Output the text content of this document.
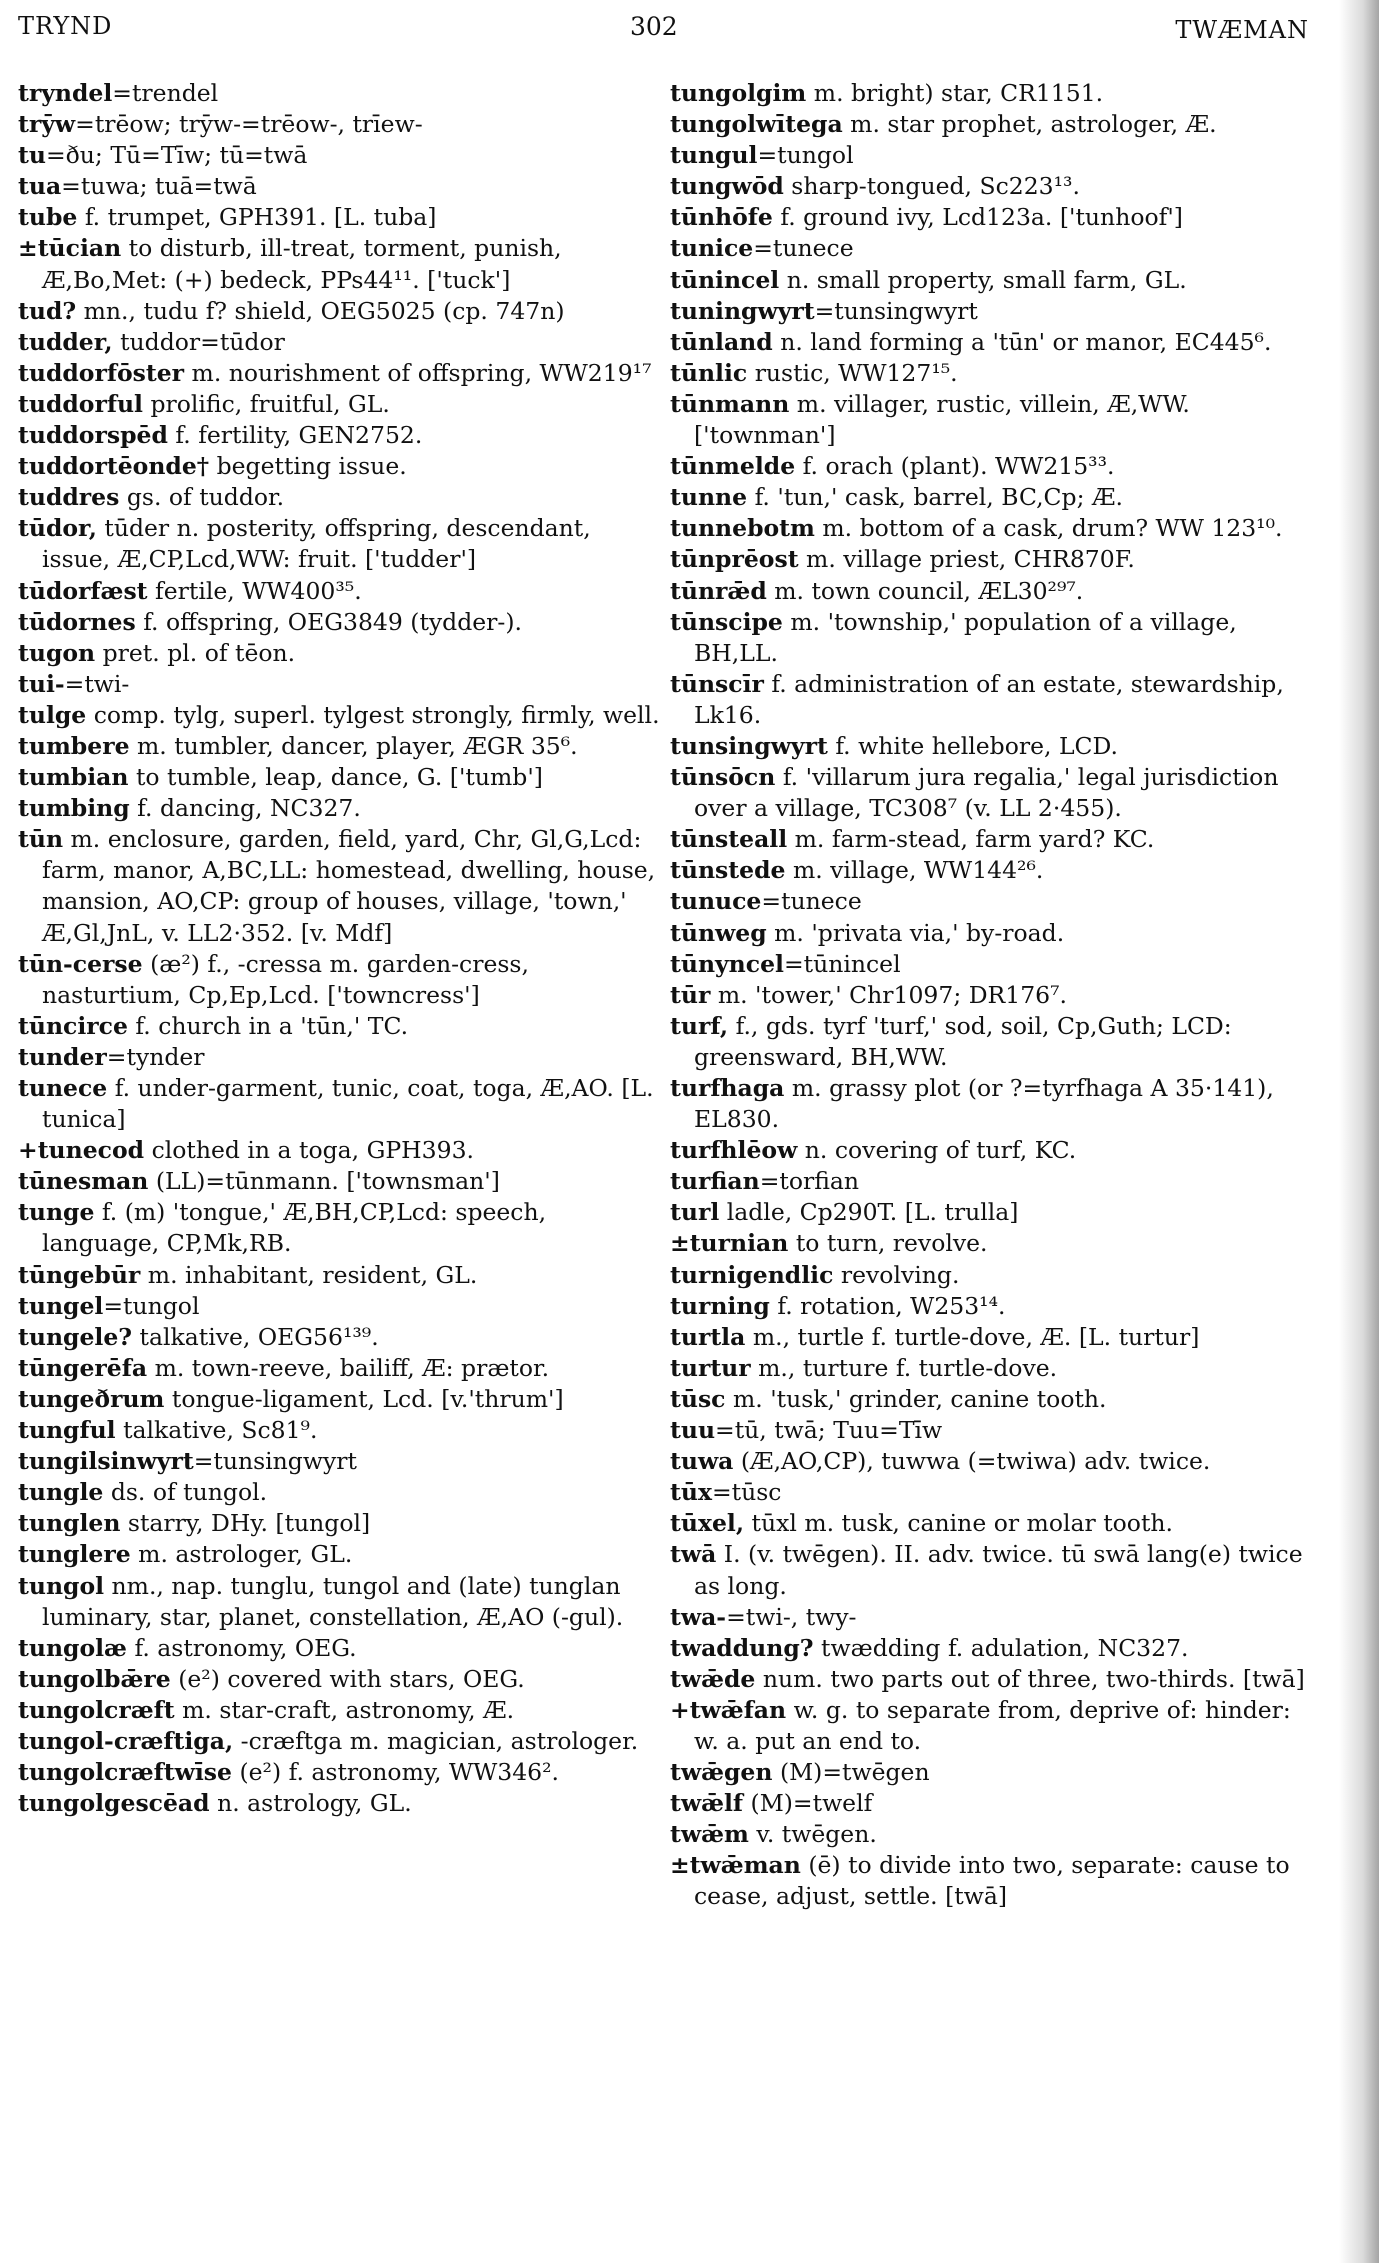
TRYND	302	TWÆMAN

tryndel=trendel

trȳw=trēow; trȳw-=trēow-, trīew-

tu=ðu; Tū=Tīw; tū=twā

tua=tuwa; tuā=twā

tube f. trumpet, GPH391. [L. tuba]

±tūcian to disturb, ill-treat, torment, punish, Æ,Bo,Met: (+) bedeck, PPs44¹¹. ['tuck']

tud? mn., tudu f? shield, OEG5025 (cp. 747n)

tudder, tuddor=tūdor

tuddorfōster m. nourishment of offspring, WW219¹⁷

tuddorful prolific, fruitful, GL.

tuddorspēd f. fertility, GEN2752.

tuddortēonde† begetting issue.

tuddres gs. of tuddor.

tūdor, tūder n. posterity, offspring, descendant, issue, Æ,CP,Lcd,WW: fruit. ['tudder']

tūdorfæst fertile, WW400³⁵.

tūdornes f. offspring, OEG3849 (tydder-).

tugon pret. pl. of tēon.

tui-=twi-

tulge comp. tylg, superl. tylgest strongly, firmly, well.

tumbere m. tumbler, dancer, player, ÆGR 35⁶.

tumbian to tumble, leap, dance, G. ['tumb']

tumbing f. dancing, NC327.

tūn m. enclosure, garden, field, yard, Chr, Gl,G,Lcd: farm, manor, A,BC,LL: homestead, dwelling, house, mansion, AO,CP: group of houses, village, 'town,' Æ,Gl,JnL, v. LL2·352. [v. Mdf]

tūn-cerse (æ²) f., -cressa m. garden-cress, nasturtium, Cp,Ep,Lcd. ['towncress']

tūncirce f. church in a 'tūn,' TC.

tunder=tynder

tunece f. under-garment, tunic, coat, toga, Æ,AO. [L. tunica]

+tunecod clothed in a toga, GPH393.

tūnesman (LL)=tūnmann. ['townsman']

tunge f. (m) 'tongue,' Æ,BH,CP,Lcd: speech, language, CP,Mk,RB.

tūngebūr m. inhabitant, resident, GL.

tungel=tungol

tungele? talkative, OEG56¹³⁹.

tūngerēfa m. town-reeve, bailiff, Æ: prætor.

tungeðrum tongue-ligament, Lcd. [v.'thrum']

tungful talkative, Sc81⁹.

tungilsinwyrt=tunsingwyrt

tungle ds. of tungol.

tunglen starry, DHy. [tungol]

tunglere m. astrologer, GL.

tungol nm., nap. tunglu, tungol and (late) tunglan luminary, star, planet, constellation, Æ,AO (-gul).

tungolæ f. astronomy, OEG.

tungolbǣre (e²) covered with stars, OEG.

tungolcræft m. star-craft, astronomy, Æ.

tungol-cræftiga, -cræftga m. magician, astrologer.

tungolcræftwīse (e²) f. astronomy, WW346².

tungolgescēad n. astrology, GL.

tungolgim m. bright) star, CR1151.

tungolwītega m. star prophet, astrologer, Æ.

tungul=tungol

tungwōd sharp-tongued, Sc223¹³.

tūnhōfe f. ground ivy, Lcd123a. ['tunhoof']

tunice=tunece

tūnincel n. small property, small farm, GL.

tuningwyrt=tunsingwyrt

tūnland n. land forming a 'tūn' or manor, EC445⁶.

tūnlic rustic, WW127¹⁵.

tūnmann m. villager, rustic, villein, Æ,WW. ['townman']

tūnmelde f. orach (plant). WW215³³.

tunne f. 'tun,' cask, barrel, BC,Cp; Æ.

tunnebotm m. bottom of a cask, drum? WW 123¹⁰.

tūnprēost m. village priest, CHR870F.

tūnrǣd m. town council, ÆL30²⁹⁷.

tūnscipe m. 'township,' population of a village, BH,LL.

tūnscīr f. administration of an estate, stewardship, Lk16.

tunsingwyrt f. white hellebore, LCD.

tūnsōcn f. 'villarum jura regalia,' legal jurisdiction over a village, TC308⁷ (v. LL 2·455).

tūnsteall m. farm-stead, farm yard? KC.

tūnstede m. village, WW144²⁶.

tunuce=tunece

tūnweg m. 'privata via,' by-road.

tūnyncel=tūnincel

tūr m. 'tower,' Chr1097; DR176⁷.

turf, f., gds. tyrf 'turf,' sod, soil, Cp,Guth; LCD: greensward, BH,WW.

turfhaga m. grassy plot (or ?=tyrfhaga A 35·141), EL830.

turfhlēow n. covering of turf, KC.

turfian=torfian

turl ladle, Cp290T. [L. trulla]

±turnian to turn, revolve.

turnigendlic revolving.

turning f. rotation, W253¹⁴.

turtla m., turtle f. turtle-dove, Æ. [L. turtur]

turtur m., turture f. turtle-dove.

tūsc m. 'tusk,' grinder, canine tooth.

tuu=tū, twā; Tuu=Tīw

tuwa (Æ,AO,CP), tuwwa (=twiwa) adv. twice.

tūx=tūsc

tūxel, tūxl m. tusk, canine or molar tooth.

twā I. (v. twēgen). II. adv. twice. tū swā lang(e) twice as long.

twa-=twi-, twy-

twaddung? twædding f. adulation, NC327.

twǣde num. two parts out of three, two-thirds. [twā]

+twǣfan w. g. to separate from, deprive of: hinder: w. a. put an end to.

twǣgen (M)=twēgen

twǣlf (M)=twelf

twǣm v. twēgen.

±twǣman (ē) to divide into two, separate: cause to cease, adjust, settle. [twā]
